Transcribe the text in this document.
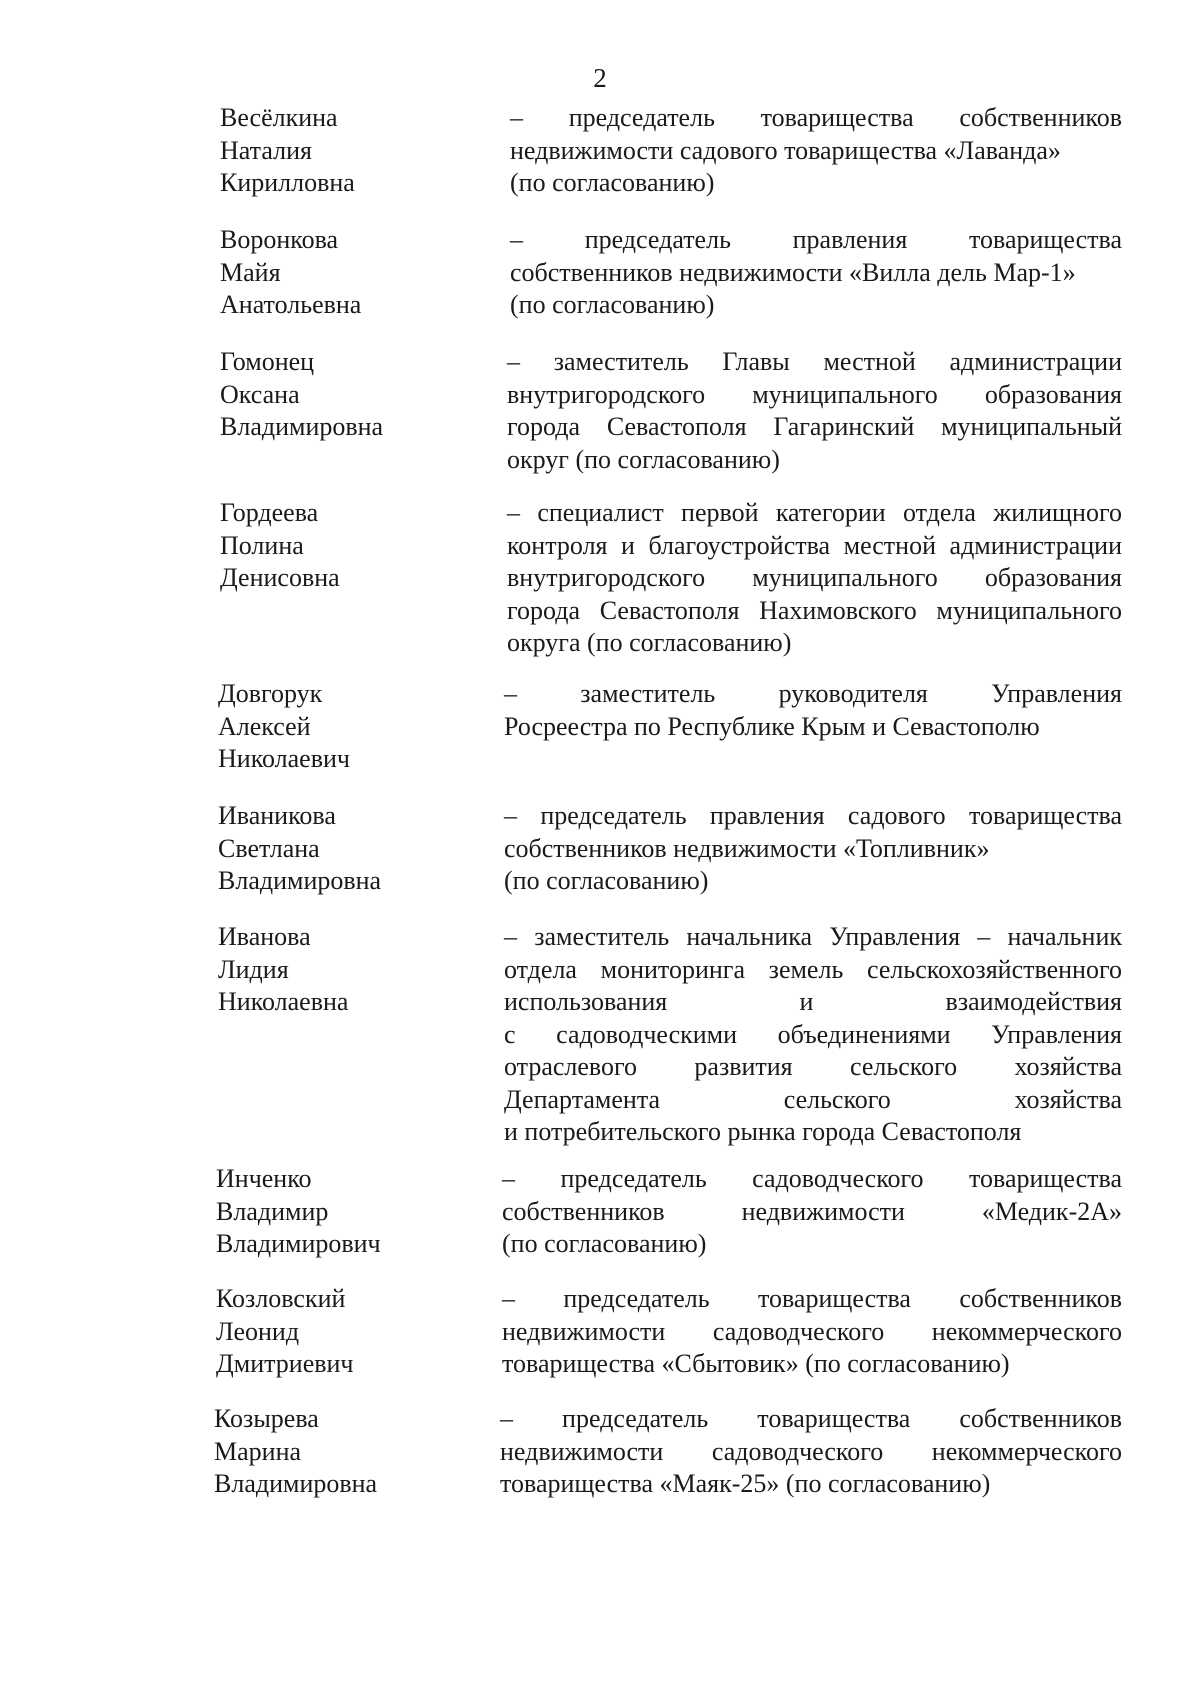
2
Весёлкина
Наталия
Кирилловна
– председатель товарищества собственников
недвижимости садового товарищества «Лаванда»
(по согласованию)
Воронкова
Майя
Анатольевна
– председатель правления товарищества
собственников недвижимости «Вилла дель Мар-1»
(по согласованию)
Гомонец
Оксана
Владимировна
– заместитель Главы местной администрации
внутригородского муниципального образования
города Севастополя Гагаринский муниципальный
округ (по согласованию)
Гордеева
Полина
Денисовна
– специалист первой категории отдела жилищного
контроля и благоустройства местной администрации
внутригородского муниципального образования
города Севастополя Нахимовского муниципального
округа (по согласованию)
Довгорук
Алексей
Николаевич
– заместитель руководителя Управления
Росреестра по Республике Крым и Севастополю
Иваникова
Светлана
Владимировна
– председатель правления садового товарищества
собственников недвижимости «Топливник»
(по согласованию)
Иванова
Лидия
Николаевна
– заместитель начальника Управления – начальник
отдела мониторинга земель сельскохозяйственного
использования и взаимодействия
с садоводческими объединениями Управления
отраслевого развития сельского хозяйства
Департамента сельского хозяйства
и потребительского рынка города Севастополя
Инченко
Владимир
Владимирович
– председатель садоводческого товарищества
собственников недвижимости «Медик-2А»
(по согласованию)
Козловский
Леонид
Дмитриевич
– председатель товарищества собственников
недвижимости садоводческого некоммерческого
товарищества «Сбытовик» (по согласованию)
Козырева
Марина
Владимировна
– председатель товарищества собственников
недвижимости садоводческого некоммерческого
товарищества «Маяк-25» (по согласованию)
